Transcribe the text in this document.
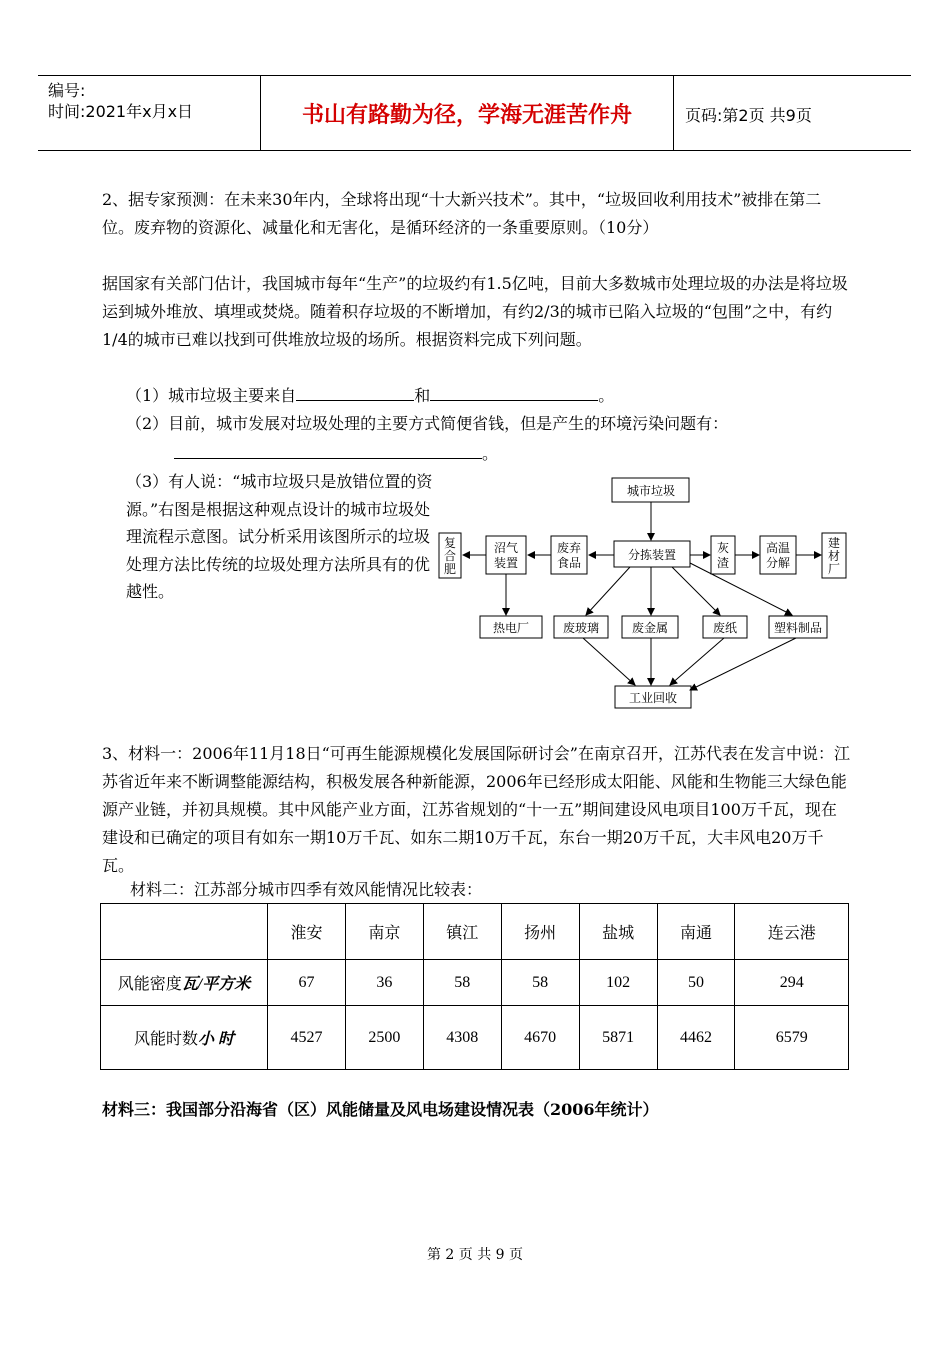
编号:
时间:2021年x月x日	书山有路勤为径，学海无涯苦作舟	页码:第2页 共9页
2、据专家预测：在未来30年内，全球将出现“十大新兴技术”。其中，“垃圾回收利用技术”被排在第二位。废弃物的资源化、减量化和无害化，是循环经济的一条重要原则。（10分）
据国家有关部门估计，我国城市每年“生产”的垃圾约有1.5亿吨，目前大多数城市处理垃圾的办法是将垃圾运到城外堆放、填埋或焚烧。随着积存垃圾的不断增加，有约2/3的城市已陷入垃圾的“包围”之中，有约1/4的城市已难以找到可供堆放垃圾的场所。根据资料完成下列问题。
（1）城市垃圾主要来自	和	。
（2）目前，城市发展对垃圾处理的主要方式简便省钱，但是产生的环境污染问题有：
。
（3）有人说：“城市垃圾只是放错位置的资源。”右图是根据这种观点设计的城市垃圾处理流程示意图。试分析采用该图所示的垃圾处理方法比传统的垃圾处理方法所具有的优越性。
城市垃圾
分拣装置
废弃
食品
沼气
装置
复
合
肥
灰
渣
高温
分解
建
材
厂
热电厂	废玻璃	废金属	废纸	塑料制品
工业回收
3、材料一：2006年11月18日“可再生能源规模化发展国际研讨会”在南京召开，江苏代表在发言中说：江苏省近年来不断调整能源结构，积极发展各种新能源，2006年已经形成太阳能、风能和生物能三大绿色能源产业链，并初具规模。其中风能产业方面，江苏省规划的“十一五”期间建设风电项目100万千瓦，现在建设和已确定的项目有如东一期10万千瓦、如东二期10万千瓦，东台一期20万千瓦，大丰风电20万千瓦。
材料二：江苏部分城市四季有效风能情况比较表：
	淮安	南京	镇江	扬州	盐城	南通	连云港
风能密度瓦/平方米	67	36	58	58	102	50	294
风能时数小 时	4527	2500	4308	4670	5871	4462	6579
材料三：我国部分沿海省（区）风能储量及风电场建设情况表（2006年统计）
第 2 页 共 9 页
